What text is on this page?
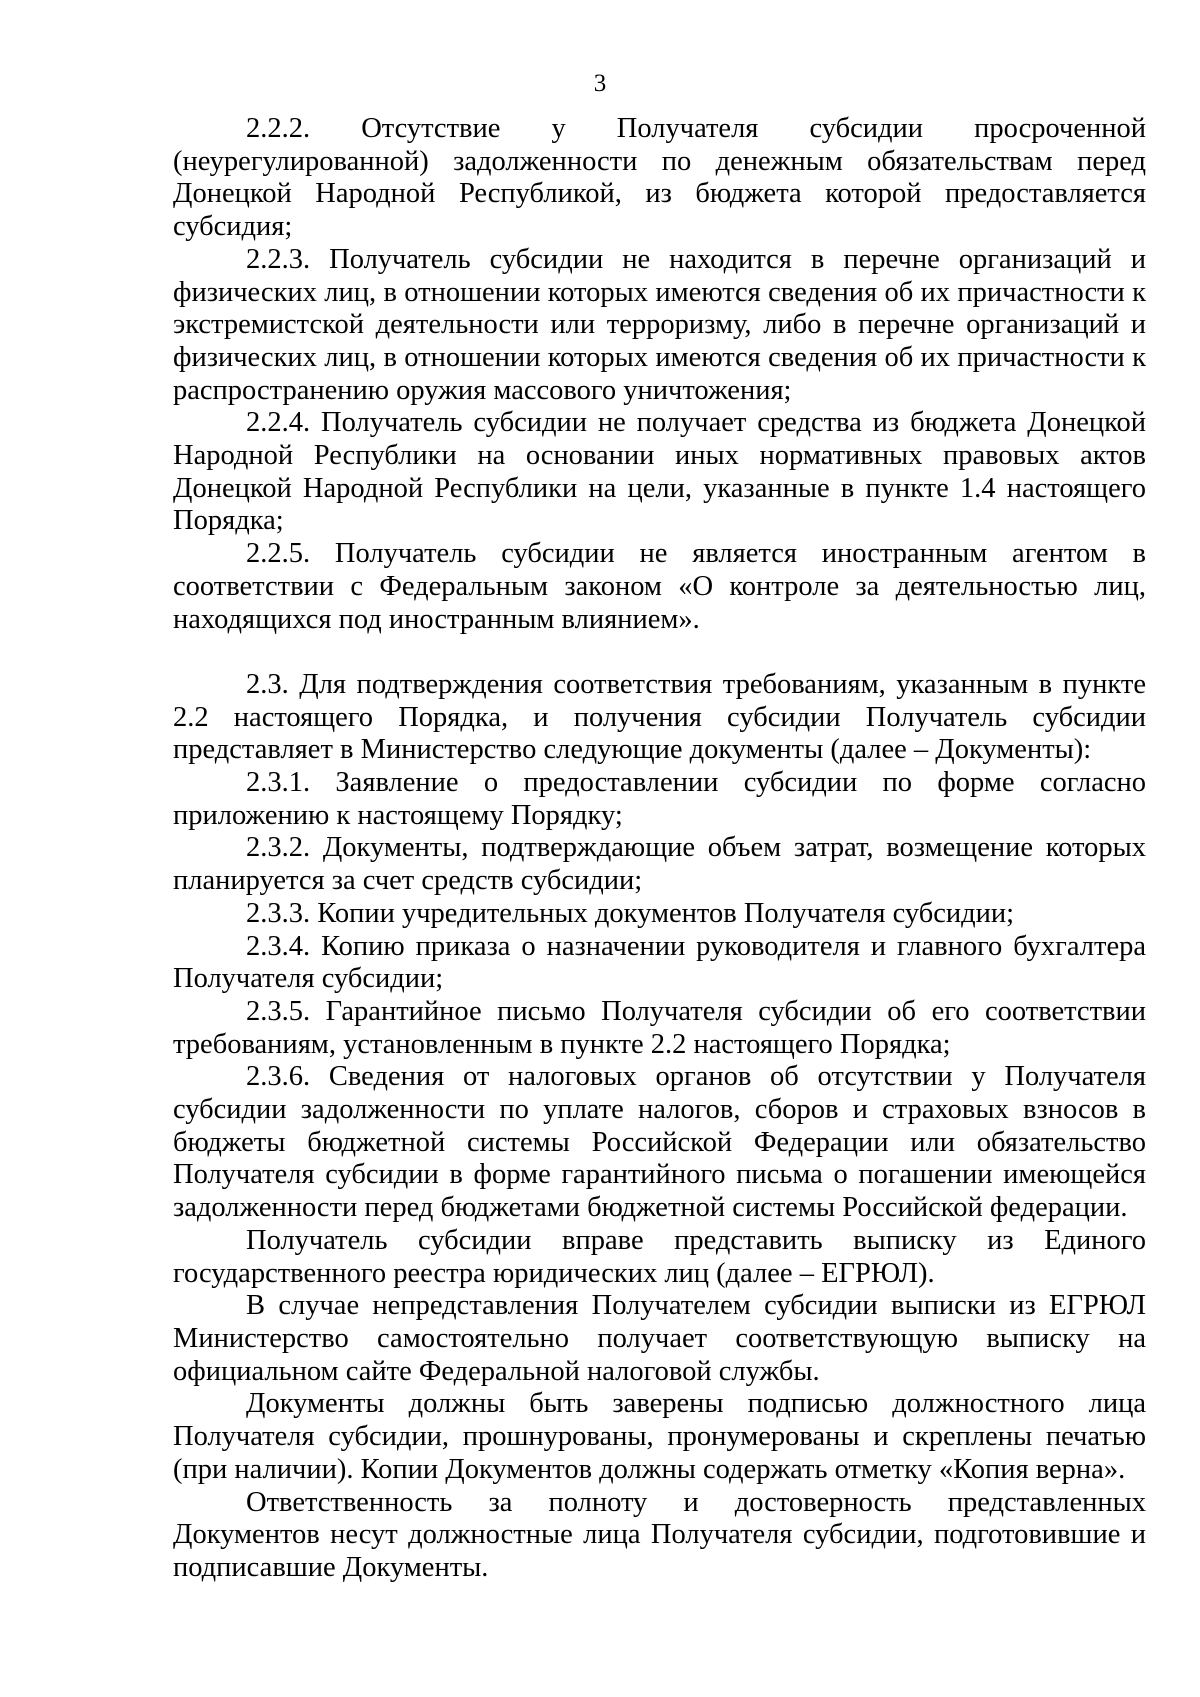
3

2.2.2. Отсутствие у Получателя субсидии просроченной (неурегулированной) задолженности по денежным обязательствам перед Донецкой Народной Республикой, из бюджета которой предоставляется субсидия;

2.2.3. Получатель субсидии не находится в перечне организаций и физических лиц, в отношении которых имеются сведения об их причастности к экстремистской деятельности или терроризму, либо в перечне организаций и физических лиц, в отношении которых имеются сведения об их причастности к распространению оружия массового уничтожения;

2.2.4. Получатель субсидии не получает средства из бюджета Донецкой Народной Республики на основании иных нормативных правовых актов Донецкой Народной Республики на цели, указанные в пункте 1.4 настоящего Порядка;

2.2.5. Получатель субсидии не является иностранным агентом в соответствии с Федеральным законом «О контроле за деятельностью лиц, находящихся под иностранным влиянием».

2.3. Для подтверждения соответствия требованиям, указанным в пункте 2.2 настоящего Порядка, и получения субсидии Получатель субсидии представляет в Министерство следующие документы (далее – Документы):

2.3.1. Заявление о предоставлении субсидии по форме согласно приложению к настоящему Порядку;

2.3.2. Документы, подтверждающие объем затрат, возмещение которых планируется за счет средств субсидии;

2.3.3. Копии учредительных документов Получателя субсидии;

2.3.4. Копию приказа о назначении руководителя и главного бухгалтера Получателя субсидии;

2.3.5. Гарантийное письмо Получателя субсидии об его соответствии требованиям, установленным в пункте 2.2 настоящего Порядка;

2.3.6. Сведения от налоговых органов об отсутствии у Получателя субсидии задолженности по уплате налогов, сборов и страховых взносов в бюджеты бюджетной системы Российской Федерации или обязательство Получателя субсидии в форме гарантийного письма о погашении имеющейся задолженности перед бюджетами бюджетной системы Российской федерации.

Получатель субсидии вправе представить выписку из Единого государственного реестра юридических лиц (далее – ЕГРЮЛ).

В случае непредставления Получателем субсидии выписки из ЕГРЮЛ Министерство самостоятельно получает соответствующую выписку на официальном сайте Федеральной налоговой службы.

Документы должны быть заверены подписью должностного лица Получателя субсидии, прошнурованы, пронумерованы и скреплены печатью (при наличии). Копии Документов должны содержать отметку «Копия верна».

Ответственность за полноту и достоверность представленных Документов несут должностные лица Получателя субсидии, подготовившие и подписавшие Документы.
